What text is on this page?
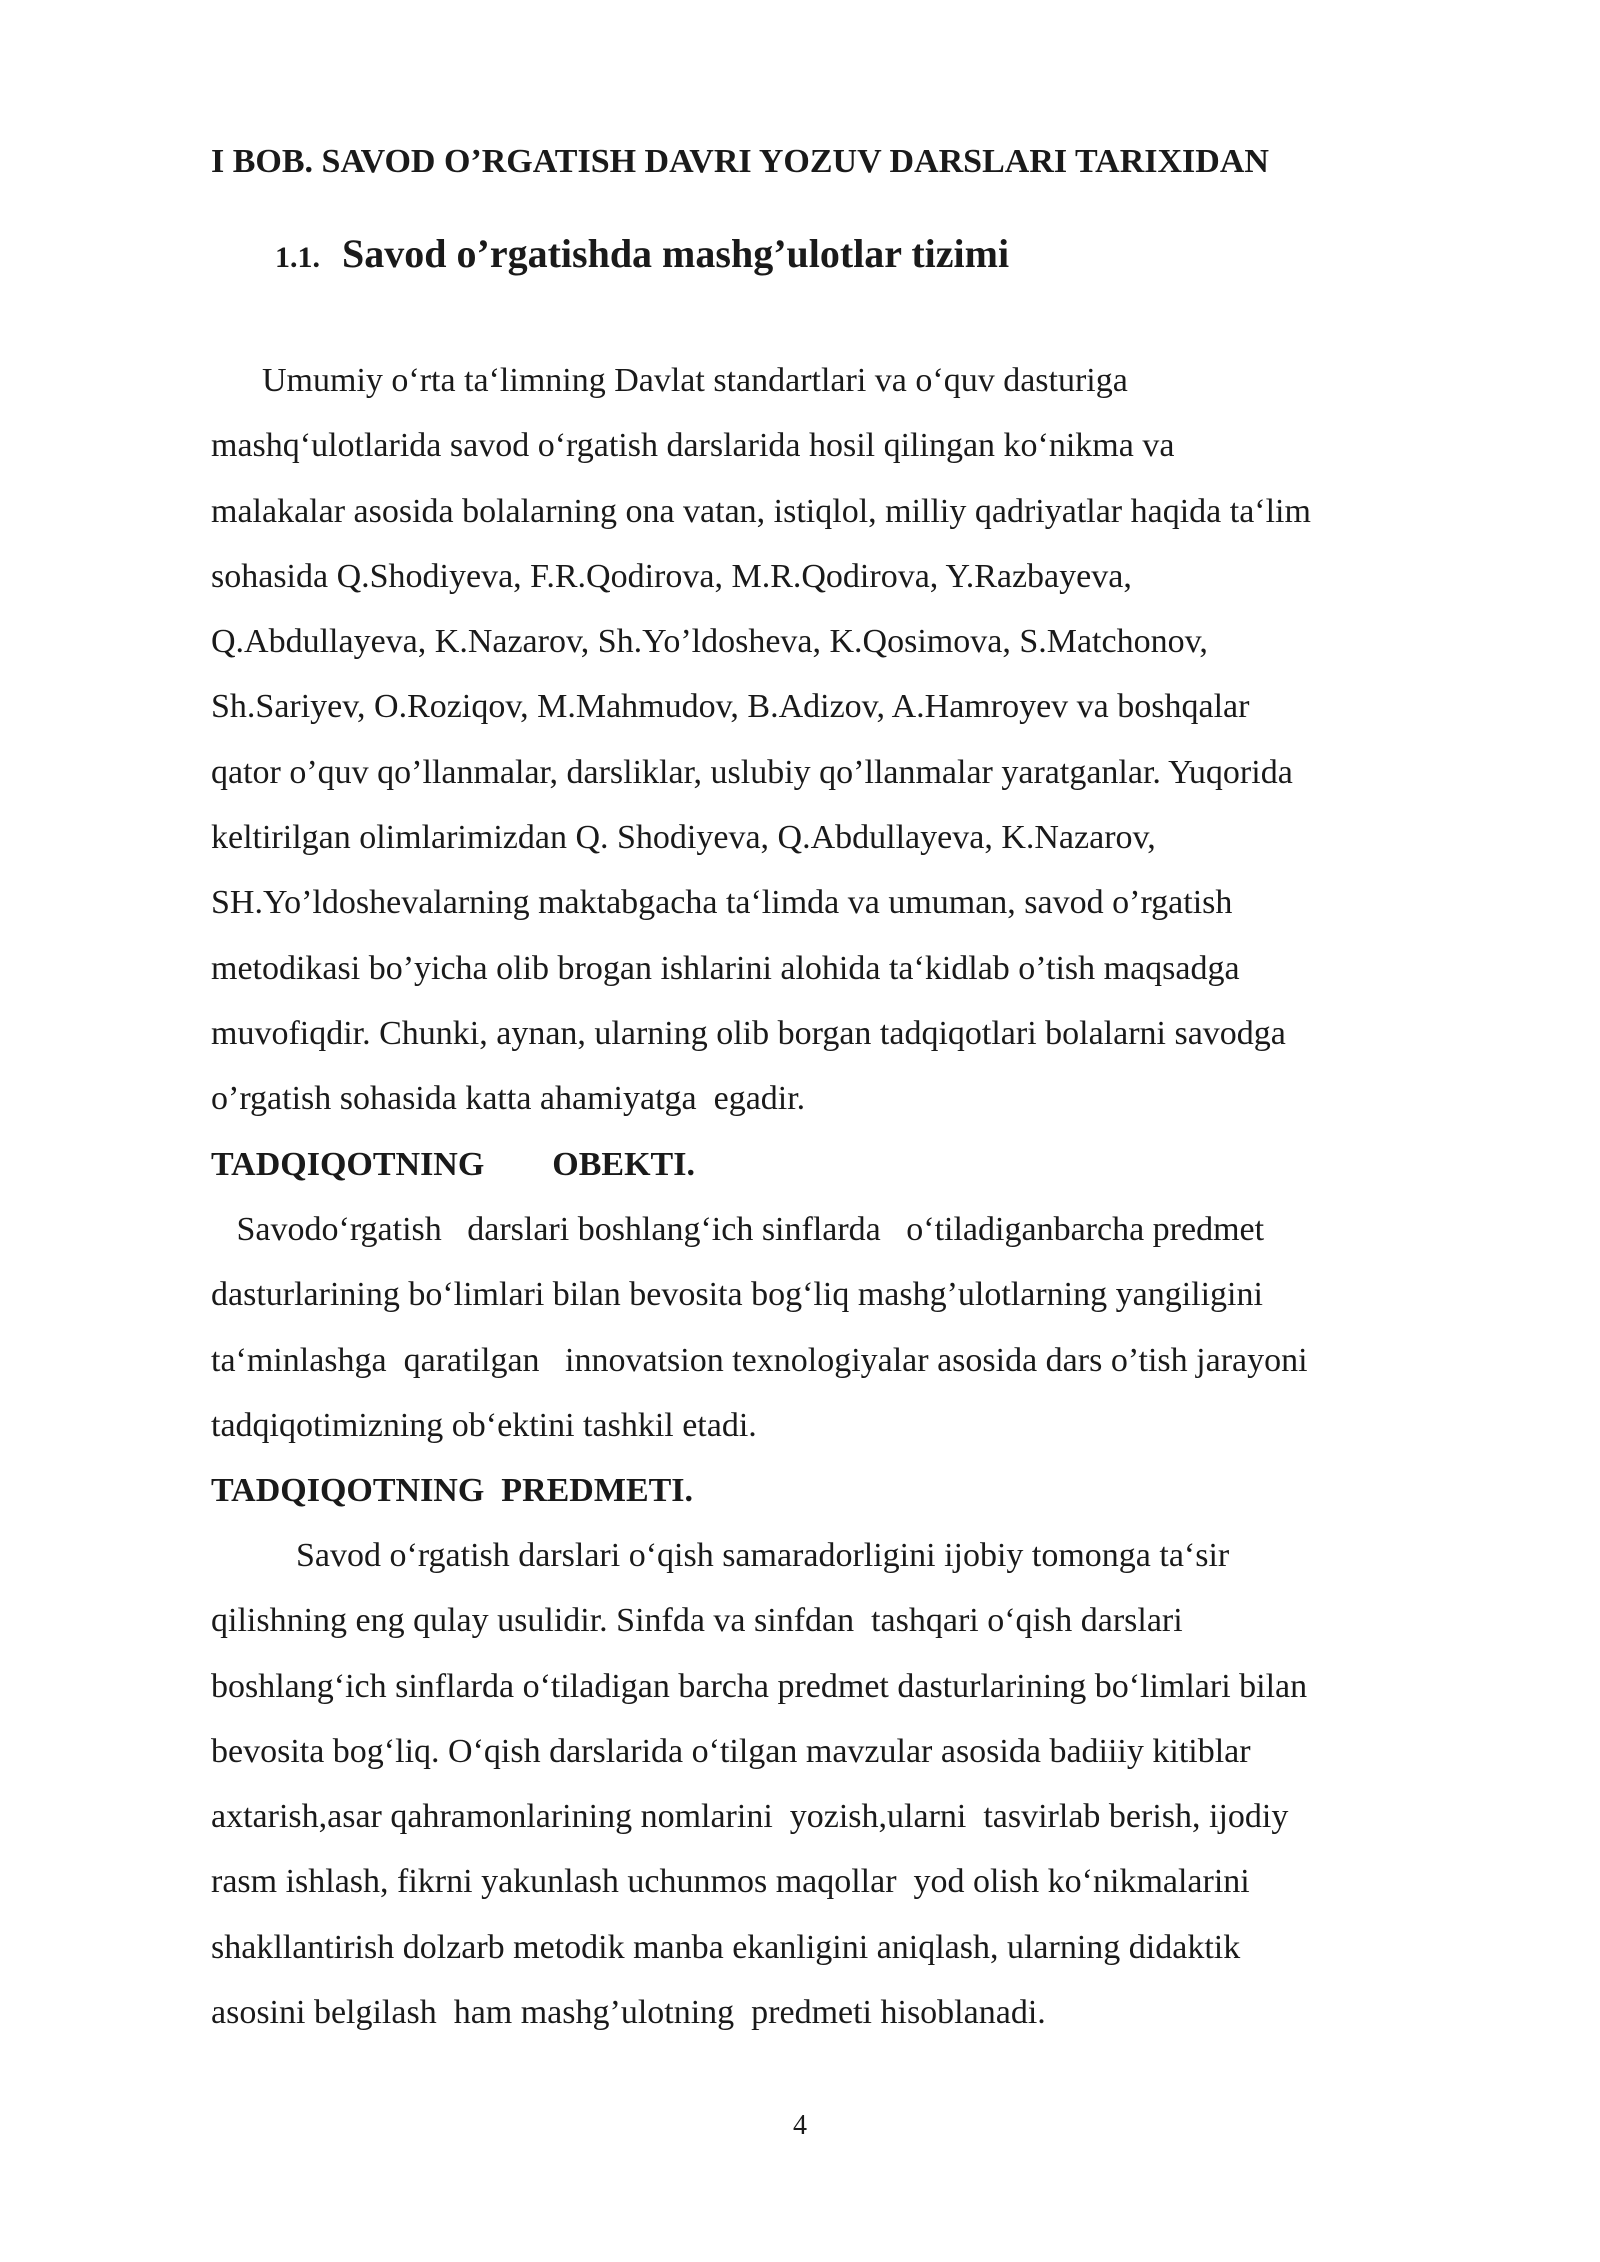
I BOB. SAVOD O’RGATISH DAVRI YOZUV DARSLARI TARIXIDAN
1.1. Savod o’rgatishda mashg’ulotlar tizimi

Umumiy oʻrta taʻlimning Davlat standartlari va oʻquv dasturiga
mashqʻulotlarida savod oʻrgatish darslarida hosil qilingan koʻnikma va
malakalar asosida bolalarning ona vatan, istiqlol, milliy qadriyatlar haqida taʻlim
sohasida Q.Shodiyeva, F.R.Qodirova, M.R.Qodirova, Y.Razbayeva,
Q.Abdullayeva, K.Nazarov, Sh.Yo’ldosheva, K.Qosimova, S.Matchonov,
Sh.Sariyev, O.Roziqov, M.Mahmudov, B.Adizov, A.Hamroyev va boshqalar
qator o’quv qo’llanmalar, darsliklar, uslubiy qo’llanmalar yaratganlar. Yuqorida
keltirilgan olimlarimizdan Q. Shodiyeva, Q.Abdullayeva, K.Nazarov,
SH.Yo’ldoshevalarning maktabgacha taʻlimda va umuman, savod o’rgatish
metodikasi bo’yicha olib brogan ishlarini alohida taʻkidlab o’tish maqsadga
muvofiqdir. Chunki, aynan, ularning olib borgan tadqiqotlari bolalarni savodga
o’rgatish sohasida katta ahamiyatga  egadir.

TADQIQOTNING        OBEKTI.

Savodoʻrgatish   darslari boshlangʻich sinflarda   oʻtiladiganbarcha predmet
dasturlarining boʻlimlari bilan bevosita bogʻliq mashg’ulotlarning yangiligini
taʻminlashga  qaratilgan   innovatsion texnologiyalar asosida dars o’tish jarayoni
tadqiqotimizning obʻektini tashkil etadi.

TADQIQOTNING  PREDMETI.

Savod oʻrgatish darslari oʻqish samaradorligini ijobiy tomonga taʻsir
qilishning eng qulay usulidir. Sinfda va sinfdan  tashqari oʻqish darslari
boshlangʻich sinflarda oʻtiladigan barcha predmet dasturlarining boʻlimlari bilan
bevosita bogʻliq. Oʻqish darslarida oʻtilgan mavzular asosida badiiiy kitiblar
axtarish,asar qahramonlarining nomlarini  yozish,ularni  tasvirlab berish, ijodiy
rasm ishlash, fikrni yakunlash uchunmos maqollar  yod olish koʻnikmalarini
shakllantirish dolzarb metodik manba ekanligini aniqlash, ularning didaktik
asosini belgilash  ham mashg’ulotning  predmeti hisoblanadi.

4
